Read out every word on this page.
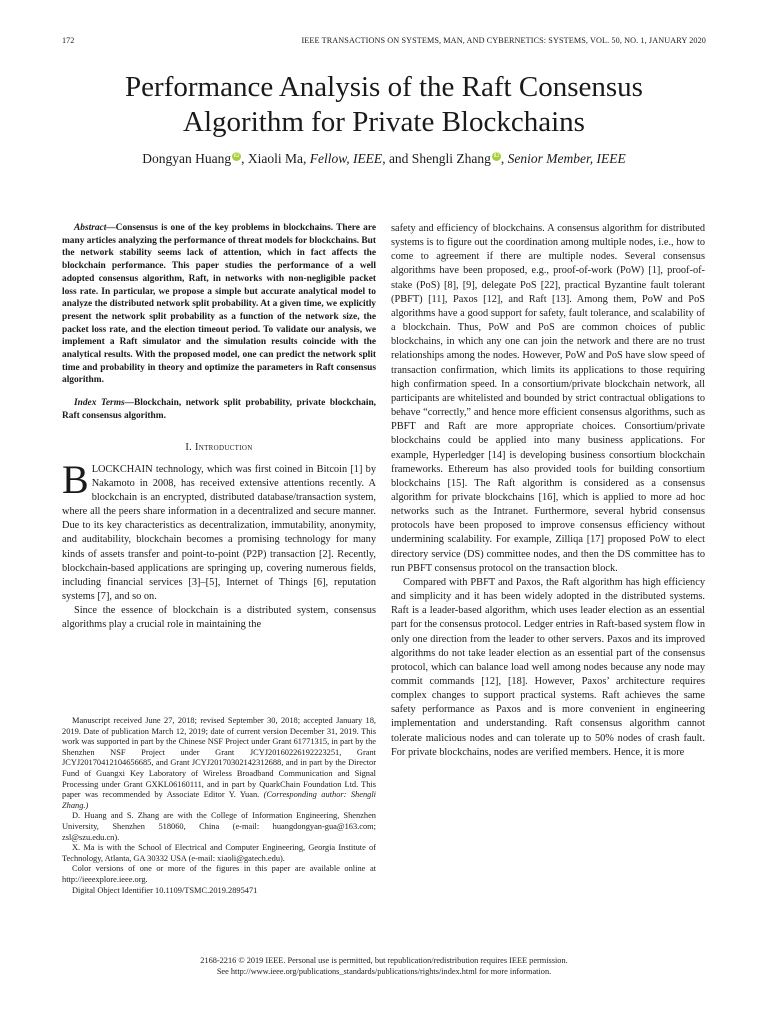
172	IEEE TRANSACTIONS ON SYSTEMS, MAN, AND CYBERNETICS: SYSTEMS, VOL. 50, NO. 1, JANUARY 2020
Performance Analysis of the Raft Consensus
Algorithm for Private Blockchains
Dongyan Huang iD , Xiaoli Ma, Fellow, IEEE, and Shengli Zhang iD , Senior Member, IEEE

Abstract—Consensus is one of the key problems in blockchains. There are many articles analyzing the performance of threat models for blockchains. But the network stability seems lack of attention, which in fact affects the blockchain performance. This paper studies the performance of a well adopted consensus algorithm, Raft, in networks with non-negligible packet loss rate. In particular, we propose a simple but accurate analytical model to analyze the distributed network split probability. At a given time, we explicitly present the network split probability as a function of the network size, the packet loss rate, and the election timeout period. To validate our analysis, we implement a Raft simulator and the simulation results coincide with the analytical results. With the proposed model, one can predict the network split time and probability in theory and optimize the parameters in Raft consensus algorithm.

Index Terms—Blockchain, network split probability, private blockchain, Raft consensus algorithm.

I. Introduction

BLOCKCHAIN technology, which was first coined in Bitcoin [1] by Nakamoto in 2008, has received extensive attentions recently. A blockchain is an encrypted, distributed database/transaction system, where all the peers share information in a decentralized and secure manner. Due to its key characteristics as decentralization, immutability, anonymity, and auditability, blockchain becomes a promising technology for many kinds of assets transfer and point-to-point (P2P) transaction [2]. Recently, blockchain-based applications are springing up, covering numerous fields, including financial services [3]–[5], Internet of Things [6], reputation systems [7], and so on.

Since the essence of blockchain is a distributed system, consensus algorithms play a crucial role in maintaining the

Manuscript received June 27, 2018; revised September 30, 2018; accepted January 18, 2019. Date of publication March 12, 2019; date of current version December 31, 2019. This work was supported in part by the Chinese NSF Project under Grant 61771315, in part by the Shenzhen NSF Project under Grant JCYJ20160226192223251, Grant JCYJ20170412104656685, and Grant JCYJ20170302142312688, and in part by the Director Fund of Guangxi Key Laboratory of Wireless Broadband Communication and Signal Processing under Grant GXKL06160111, and in part by QuarkChain Foundation Ltd. This paper was recommended by Associate Editor Y. Yuan. (Corresponding author: Shengli Zhang.)

D. Huang and S. Zhang are with the College of Information Engineering, Shenzhen University, Shenzhen 518060, China (e-mail: huangdongyan-gua@163.com; zsl@szu.edu.cn).

X. Ma is with the School of Electrical and Computer Engineering, Georgia Institute of Technology, Atlanta, GA 30332 USA (e-mail: xiaoli@gatech.edu).

Color versions of one or more of the figures in this paper are available online at http://ieeexplore.ieee.org.

Digital Object Identifier 10.1109/TSMC.2019.2895471

safety and efficiency of blockchains. A consensus algorithm for distributed systems is to figure out the coordination among multiple nodes, i.e., how to come to agreement if there are multiple nodes. Several consensus algorithms have been proposed, e.g., proof-of-work (PoW) [1], proof-of-stake (PoS) [8], [9], delegate PoS [22], practical Byzantine fault tolerant (PBFT) [11], Paxos [12], and Raft [13]. Among them, PoW and PoS algorithms have a good support for safety, fault tolerance, and scalability of a blockchain. Thus, PoW and PoS are common choices of public blockchains, in which any one can join the network and there are no trust relationships among the nodes. However, PoW and PoS have slow speed of transaction confirmation, which limits its applications to those requiring high confirmation speed. In a consortium/private blockchain network, all participants are whitelisted and bounded by strict contractual obligations to behave “correctly,” and hence more efficient consensus algorithms, such as PBFT and Raft are more appropriate choices. Consortium/private blockchains could be applied into many business applications. For example, Hyperledger [14] is developing business consortium blockchain frameworks. Ethereum has also provided tools for building consortium blockchains [15]. The Raft algorithm is considered as a consensus algorithm for private blockchains [16], which is applied to more ad hoc networks such as the Intranet. Furthermore, several hybrid consensus protocols have been proposed to improve consensus efficiency without undermining scalability. For example, Zilliqa [17] proposed PoW to elect directory service (DS) committee nodes, and then the DS committee has to run PBFT consensus protocol on the transaction block.

Compared with PBFT and Paxos, the Raft algorithm has high efficiency and simplicity and it has been widely adopted in the distributed systems. Raft is a leader-based algorithm, which uses leader election as an essential part for the consensus protocol. Ledger entries in Raft-based system flow in only one direction from the leader to other servers. Paxos and its improved algorithms do not take leader election as an essential part of the consensus protocol, which can balance load well among nodes because any node may commit commands [12], [18]. However, Paxos’ architecture requires complex changes to support practical systems. Raft achieves the same safety performance as Paxos and is more convenient in engineering implementation and understanding. Raft consensus algorithm cannot tolerate malicious nodes and can tolerate up to 50% nodes of crash fault. For private blockchains, nodes are verified members. Hence, it is more

2168-2216 © 2019 IEEE. Personal use is permitted, but republication/redistribution requires IEEE permission.
See http://www.ieee.org/publications_standards/publications/rights/index.html for more information.
